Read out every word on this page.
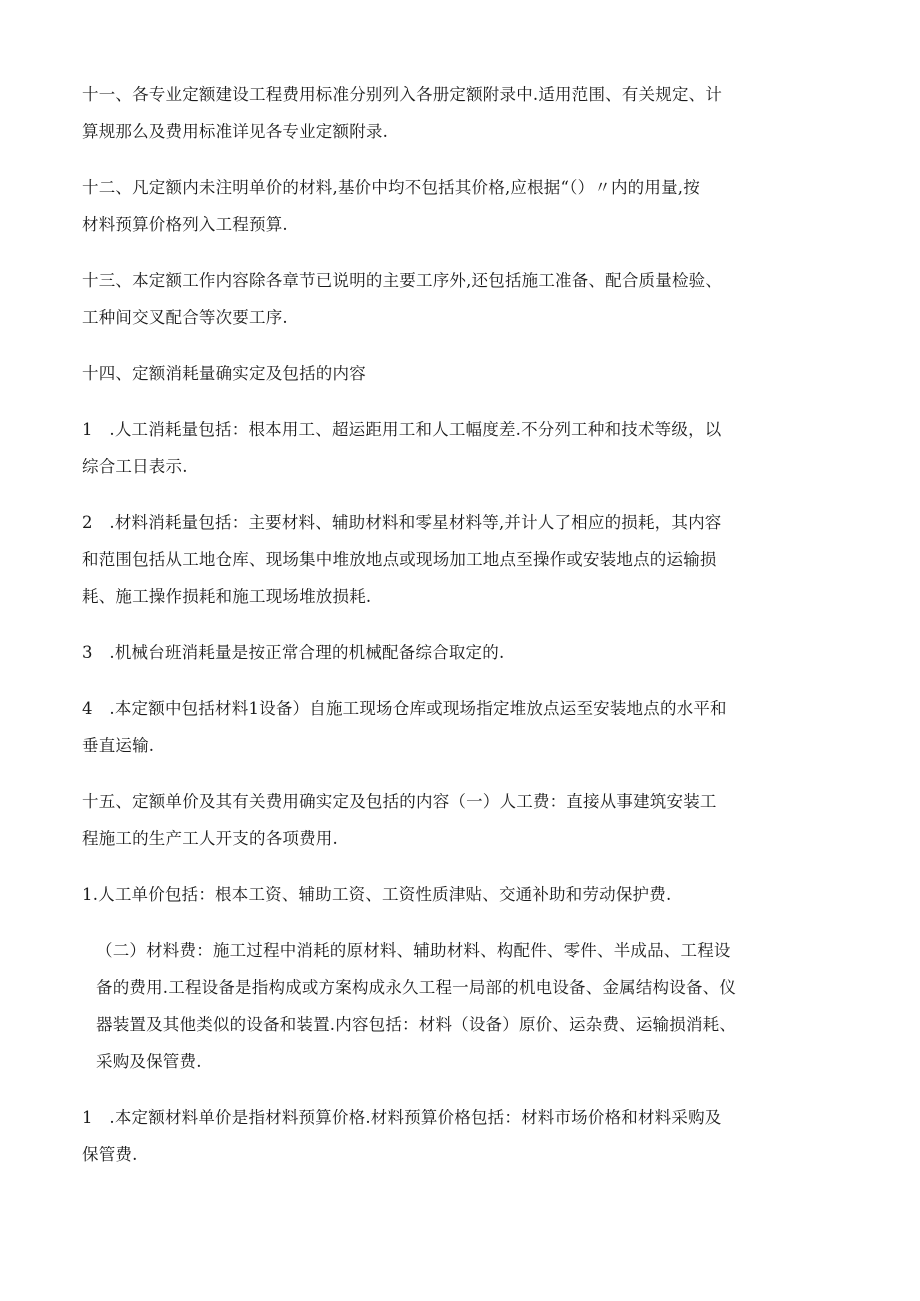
十一、各专业定额建设工程费用标准分别列入各册定额附录中.适用范围、有关规定、计
算规那么及费用标准详见各专业定额附录.

十二、凡定额内未注明单价的材料,基价中均不包括其价格,应根据“（）〃内的用量,按
材料预算价格列入工程预算.

十三、本定额工作内容除各章节已说明的主要工序外,还包括施工准备、配合质量检验、
工种间交叉配合等次要工序.

十四、定额消耗量确实定及包括的内容

1　.人工消耗量包括：根本用工、超运距用工和人工幅度差.不分列工种和技术等级，以
综合工日表示.

2　.材料消耗量包括：主要材料、辅助材料和零星材料等,并计人了相应的损耗，其内容
和范围包括从工地仓库、现场集中堆放地点或现场加工地点至操作或安装地点的运输损
耗、施工操作损耗和施工现场堆放损耗.

3　.机械台班消耗量是按正常合理的机械配备综合取定的.

4　.本定额中包括材料1设备）自施工现场仓库或现场指定堆放点运至安装地点的水平和
垂直运输.

十五、定额单价及其有关费用确实定及包括的内容（一）人工费：直接从事建筑安装工
程施工的生产工人开支的各项费用.

1.人工单价包括：根本工资、辅助工资、工资性质津贴、交通补助和劳动保护费.

（二）材料费：施工过程中消耗的原材料、辅助材料、构配件、零件、半成品、工程设
备的费用.工程设备是指构成或方案构成永久工程一局部的机电设备、金属结构设备、仪
器装置及其他类似的设备和装置.内容包括：材料（设备）原价、运杂费、运输损消耗、
采购及保管费.

1　.本定额材料单价是指材料预算价格.材料预算价格包括：材料市场价格和材料采购及
保管费.
